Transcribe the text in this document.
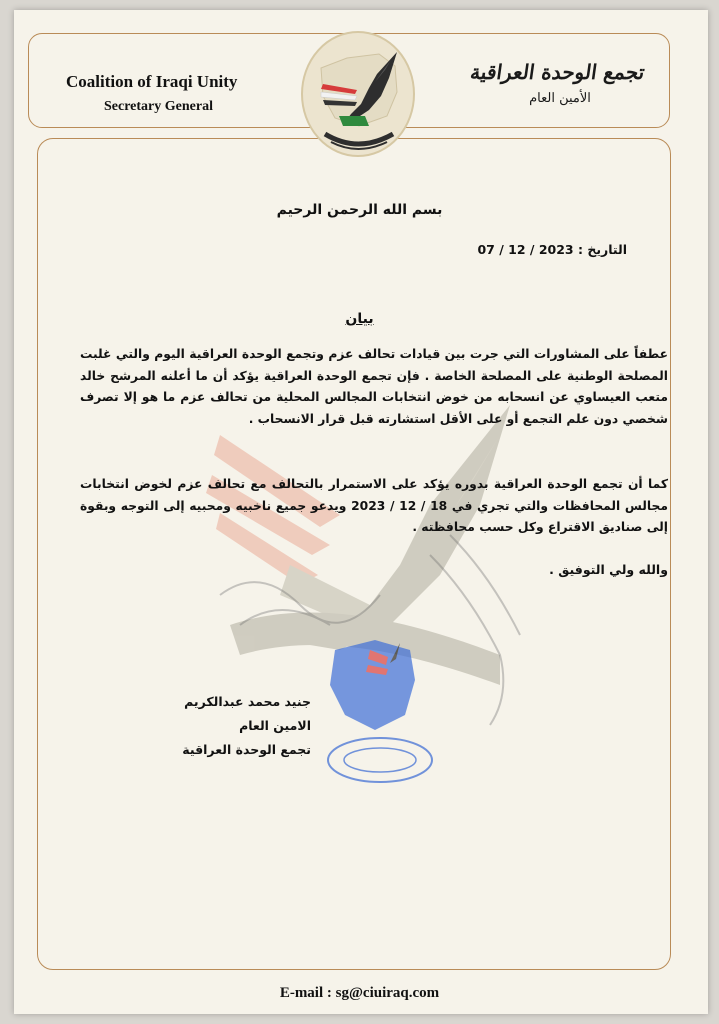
Coalition of Iraqi Unity
Secretary General
تجمع الوحدة العراقية
الأمين العام
بسم الله الرحمن الرحيم
التاريخ : 07 / 12 / 2023
بيان
عطفاً على المشاورات التي جرت بين قيادات تحالف عزم وتجمع الوحدة العراقية اليوم والتي غلبت المصلحة الوطنية على المصلحة الخاصة . فإن تجمع الوحدة العراقية يؤكد أن ما أعلنه المرشح خالد متعب العيساوي عن انسحابه من خوض انتخابات المجالس المحلية من تحالف عزم ما هو إلا تصرف شخصي دون علم التجمع أو على الأقل استشارته قبل قرار الانسحاب .
كما أن تجمع الوحدة العراقية بدوره يؤكد على الاستمرار بالتحالف مع تحالف عزم لخوض انتخابات مجالس المحافظات والتي تجري في 18 / 12 / 2023 ويدعو جميع ناخبيه ومحبيه إلى التوجه وبقوة إلى صناديق الاقتراع وكل حسب محافظته .
والله ولي التوفيق .
جنيد محمد عبدالكريم
الامين العام
تجمع الوحدة العراقية
E-mail : sg@ciuiraq.com
